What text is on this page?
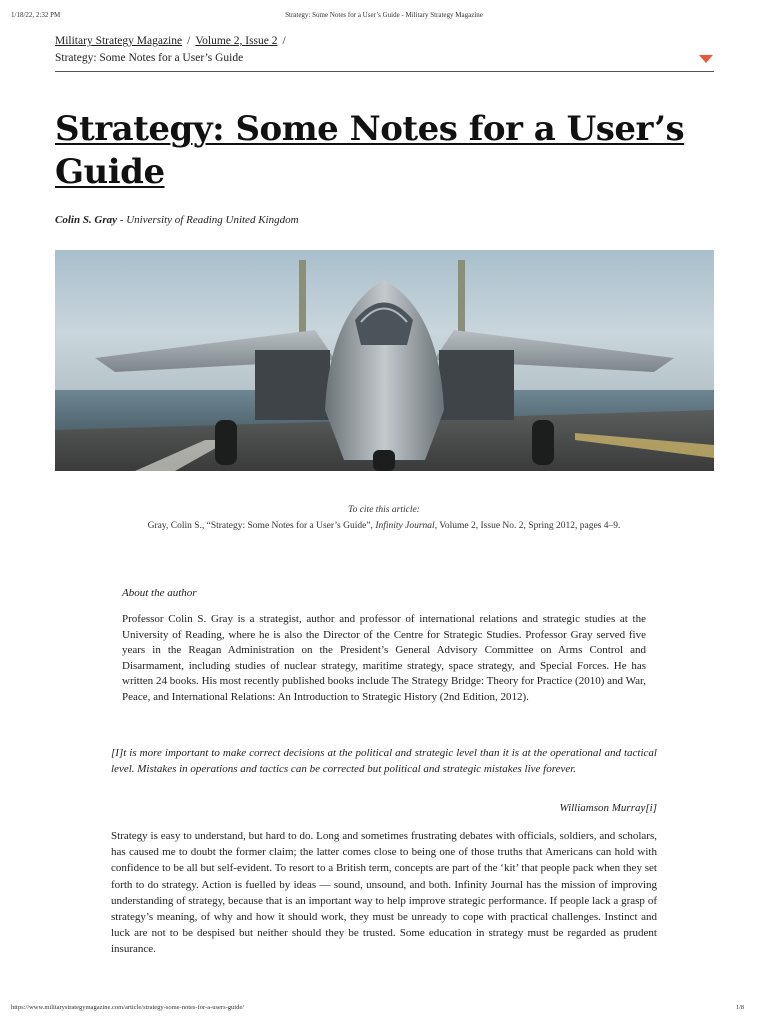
1/18/22, 2:32 PM	Strategy: Some Notes for a User’s Guide - Military Strategy Magazine
Military Strategy Magazine / Volume 2, Issue 2 /
Strategy: Some Notes for a User’s Guide
Strategy: Some Notes for a User’s Guide
Colin S. Gray - University of Reading United Kingdom
To cite this article:
Gray, Colin S., “Strategy: Some Notes for a User’s Guide”, Infinity Journal, Volume 2, Issue No. 2, Spring 2012, pages 4–9.
About the author

Professor Colin S. Gray is a strategist, author and professor of international relations and strategic studies at the University of Reading, where he is also the Director of the Centre for Strategic Studies. Professor Gray served five years in the Reagan Administration on the President’s General Advisory Committee on Arms Control and Disarmament, including studies of nuclear strategy, maritime strategy, space strategy, and Special Forces. He has written 24 books. His most recently published books include The Strategy Bridge: Theory for Practice (2010) and War, Peace, and International Relations: An Introduction to Strategic History (2nd Edition, 2012).

[I]t is more important to make correct decisions at the political and strategic level than it is at the operational and tactical level. Mistakes in operations and tactics can be corrected but political and strategic mistakes live forever.
Williamson Murray[i]

Strategy is easy to understand, but hard to do. Long and sometimes frustrating debates with officials, soldiers, and scholars, has caused me to doubt the former claim; the latter comes close to being one of those truths that Americans can hold with confidence to be all but self-evident. To resort to a British term, concepts are part of the ‘kit’ that people pack when they set forth to do strategy. Action is fuelled by ideas — sound, unsound, and both. Infinity Journal has the mission of improving understanding of strategy, because that is an important way to help improve strategic performance. If people lack a grasp of strategy’s meaning, of why and how it should work, they must be unready to cope with practical challenges. Instinct and luck are not to be despised but neither should they be trusted. Some education in strategy must be regarded as prudent insurance.

https://www.militarystrategymagazine.com/article/strategy-some-notes-for-a-users-guide/	1/8
